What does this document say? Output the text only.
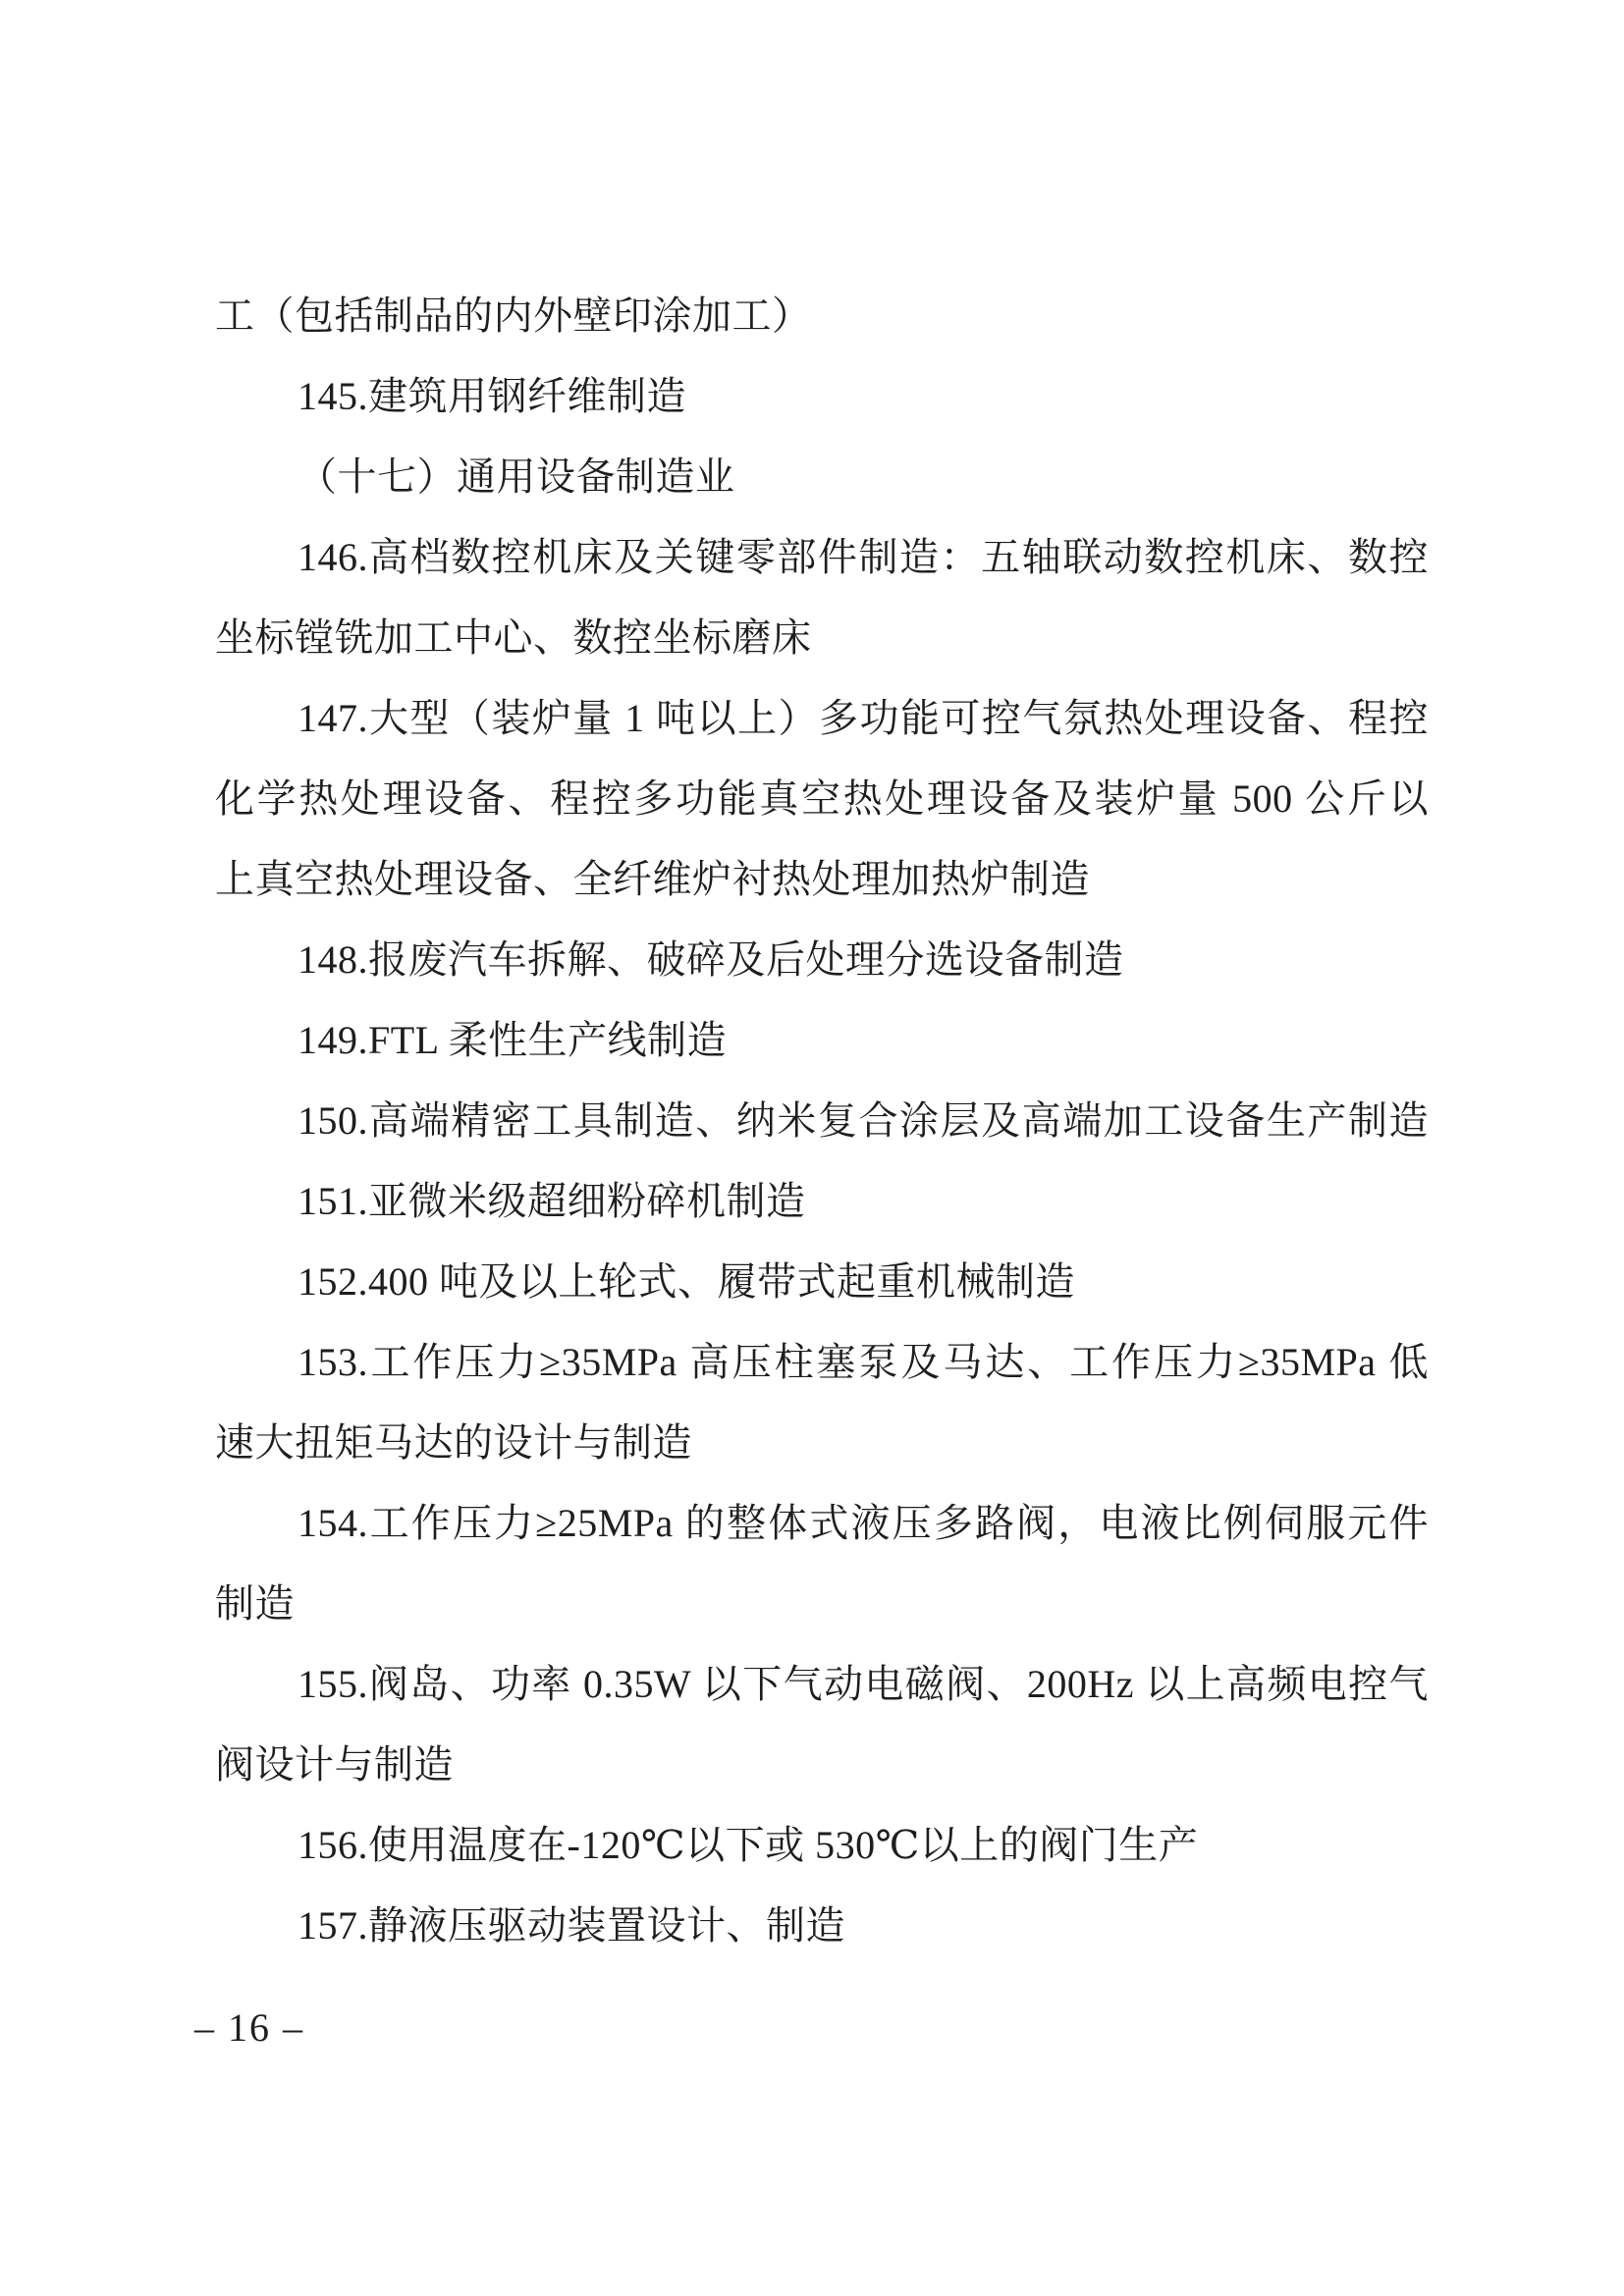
工（包括制品的内外壁印涂加工）
145.建筑用钢纤维制造
（十七）通用设备制造业
146.高档数控机床及关键零部件制造：五轴联动数控机床、数控
坐标镗铣加工中心、数控坐标磨床
147.大型（装炉量 1 吨以上）多功能可控气氛热处理设备、程控
化学热处理设备、程控多功能真空热处理设备及装炉量 500 公斤以
上真空热处理设备、全纤维炉衬热处理加热炉制造
148.报废汽车拆解、破碎及后处理分选设备制造
149.FTL 柔性生产线制造
150.高端精密工具制造、纳米复合涂层及高端加工设备生产制造
151.亚微米级超细粉碎机制造
152.400 吨及以上轮式、履带式起重机械制造
153.工作压力≥35MPa 高压柱塞泵及马达、工作压力≥35MPa 低
速大扭矩马达的设计与制造
154.工作压力≥25MPa 的整体式液压多路阀，电液比例伺服元件
制造
155.阀岛、功率 0.35W 以下气动电磁阀、200Hz 以上高频电控气
阀设计与制造
156.使用温度在-120℃以下或 530℃以上的阀门生产
157.静液压驱动装置设计、制造
– 16 –
